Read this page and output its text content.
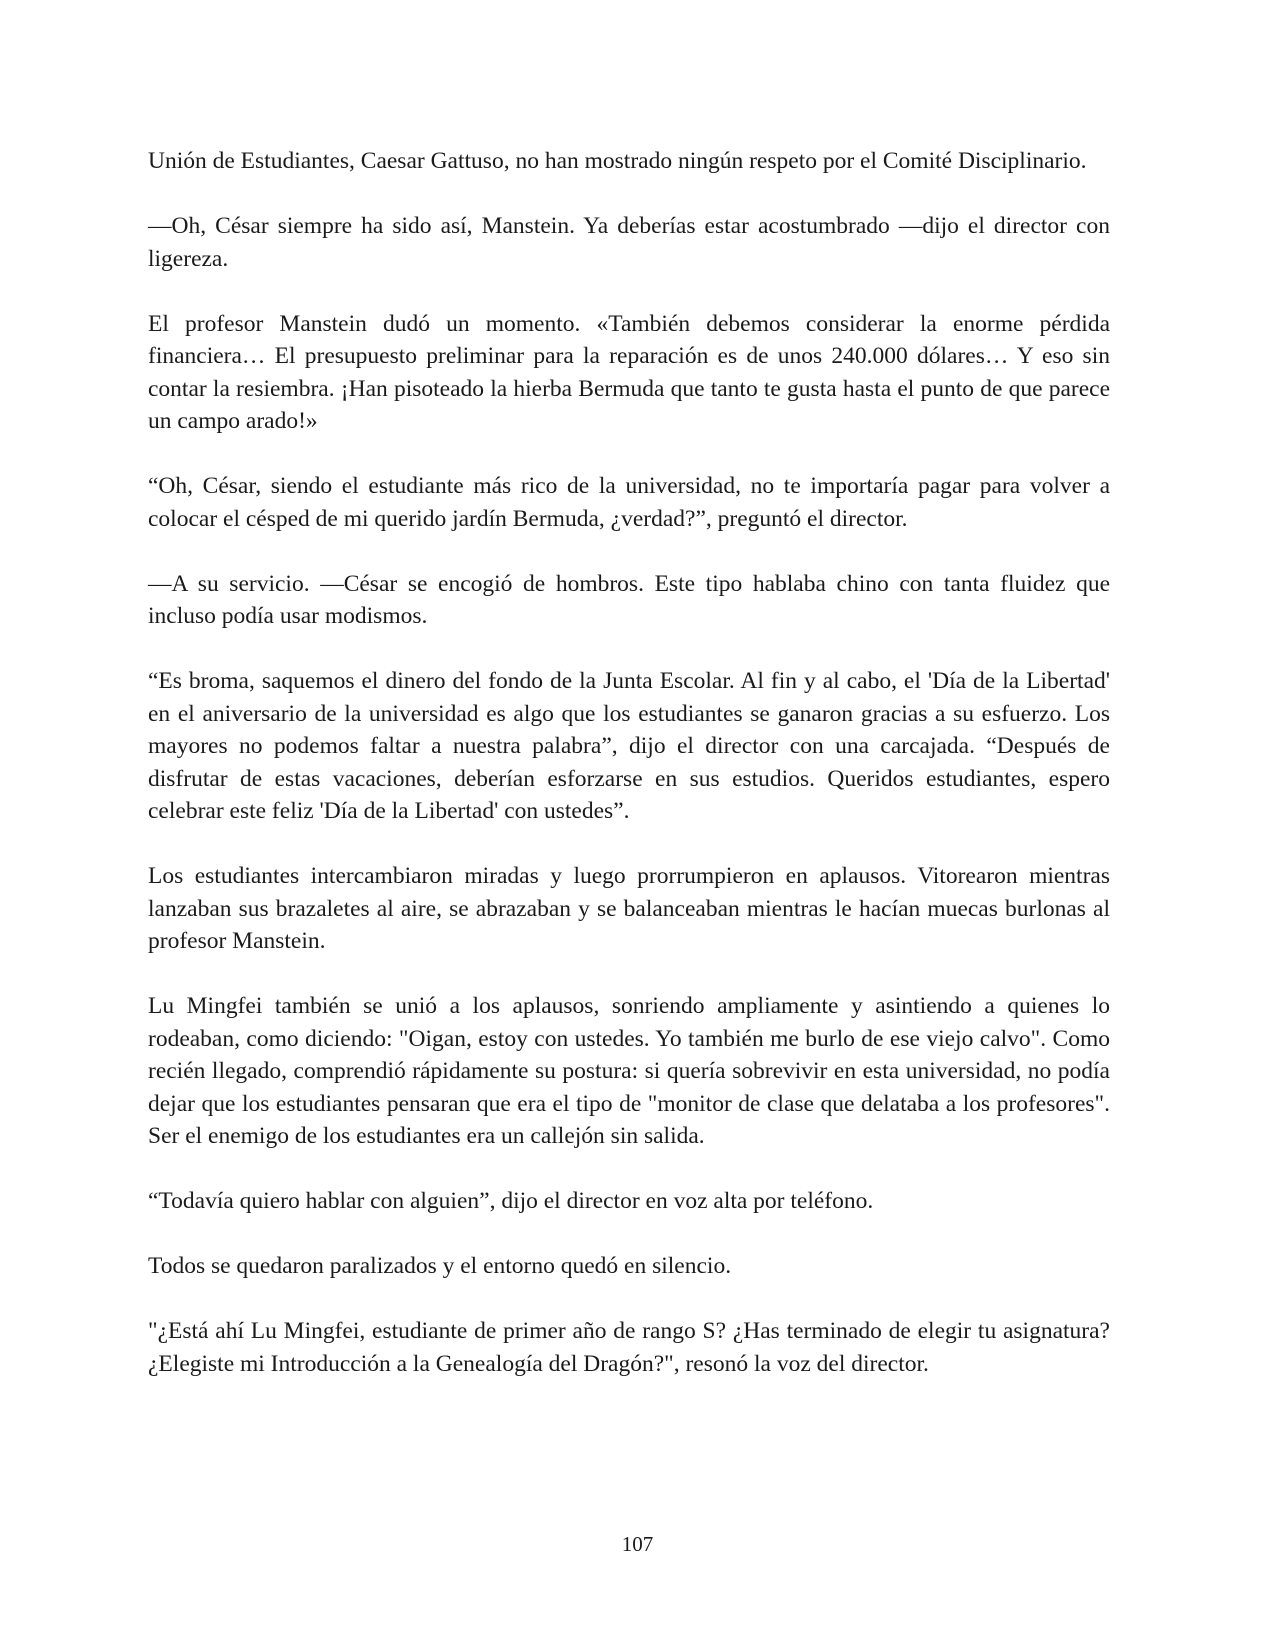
Unión de Estudiantes, Caesar Gattuso, no han mostrado ningún respeto por el Comité Disciplinario.

—Oh, César siempre ha sido así, Manstein. Ya deberías estar acostumbrado —dijo el director con ligereza.

El profesor Manstein dudó un momento. «También debemos considerar la enorme pérdida financiera… El presupuesto preliminar para la reparación es de unos 240.000 dólares… Y eso sin contar la resiembra. ¡Han pisoteado la hierba Bermuda que tanto te gusta hasta el punto de que parece un campo arado!»

“Oh, César, siendo el estudiante más rico de la universidad, no te importaría pagar para volver a colocar el césped de mi querido jardín Bermuda, ¿verdad?”, preguntó el director.

—A su servicio. —César se encogió de hombros. Este tipo hablaba chino con tanta fluidez que incluso podía usar modismos.

“Es broma, saquemos el dinero del fondo de la Junta Escolar. Al fin y al cabo, el 'Día de la Libertad' en el aniversario de la universidad es algo que los estudiantes se ganaron gracias a su esfuerzo. Los mayores no podemos faltar a nuestra palabra”, dijo el director con una carcajada. “Después de disfrutar de estas vacaciones, deberían esforzarse en sus estudios. Queridos estudiantes, espero celebrar este feliz 'Día de la Libertad' con ustedes”.

Los estudiantes intercambiaron miradas y luego prorrumpieron en aplausos. Vitorearon mientras lanzaban sus brazaletes al aire, se abrazaban y se balanceaban mientras le hacían muecas burlonas al profesor Manstein.

Lu Mingfei también se unió a los aplausos, sonriendo ampliamente y asintiendo a quienes lo rodeaban, como diciendo: "Oigan, estoy con ustedes. Yo también me burlo de ese viejo calvo". Como recién llegado, comprendió rápidamente su postura: si quería sobrevivir en esta universidad, no podía dejar que los estudiantes pensaran que era el tipo de "monitor de clase que delataba a los profesores". Ser el enemigo de los estudiantes era un callejón sin salida.

“Todavía quiero hablar con alguien”, dijo el director en voz alta por teléfono.

Todos se quedaron paralizados y el entorno quedó en silencio.

"¿Está ahí Lu Mingfei, estudiante de primer año de rango S? ¿Has terminado de elegir tu asignatura? ¿Elegiste mi Introducción a la Genealogía del Dragón?", resonó la voz del director.

107
